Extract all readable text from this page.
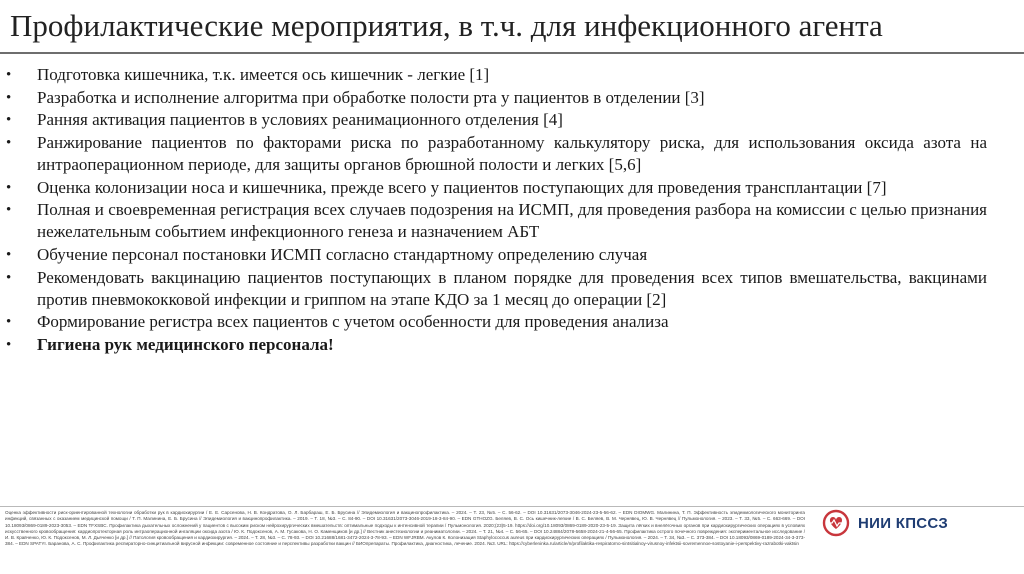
Профилактические мероприятия, в т.ч. для инфекционного агента
•	Подготовка кишечника, т.к. имеется ось кишечник - легкие [1]
•	Разработка и исполнение алгоритма при обработке полости рта у пациентов в отделении [3]
•	Ранняя активация пациентов в условиях реанимационного отделения [4]
•	Ранжирование пациентов по факторами риска по разработанному калькулятору риска, для использования оксида азота на интраоперационном периоде, для защиты органов брюшной полости и легких [5,6]
•	Оценка колонизации носа и кишечника, прежде всего у пациентов поступающих для проведения трансплантации [7]
•	Полная и своевременная регистрация всех случаев подозрения на ИСМП, для проведения разбора на комиссии с целью признания нежелательным событием инфекционного генеза и назначением АБТ
•	Обучение персонал постановки ИСМП согласно стандартному определению случая
•	Рекомендовать вакцинацию пациентов поступающих в планом порядке для проведения всех типов вмешательства, вакцинами против пневмококковой инфекции и гриппом на этапе КДО за 1 месяц до операции [2]
•	Формирование регистра всех пациентов с учетом особенности для проведения анализа
•	Гигиена рук медицинского персонала!
Оценка эффективности риск-ориентированной технологии обработки рук в кардиохирургии / Е. Е. Сарсенова, Н. В. Кондратова, О. Л. Барбараш, Е. Б. Брусина // Эпидемиология и вакцинопрофилактика. – 2024. – Т. 23, №5. – С. 56-62. – DOI 10.31631/2073-3046-2024-23-5-56-62. – EDN DIOMWG. Малинина, Т. П. Эффективность эпидемиологического мониторинга инфекций, связанных с оказанием медицинской помощи / Т. П. Малинина, Е. Б. Брусина // Эпидемиология и вакцинопрофилактика. – 2019. – Т. 18, №3. – С. 84-90. – DOI 10.31631/2073-3046-2019-18-3-84-90. – EDN GTHOZG. Беляев, В. С. Ось кишечник-легкие / В. С. Беляев, В. М. Чернявец, Ю. В. Чернявец // Пульмонология. – 2023. – Т. 33, №5. – С. 663-669. – DOI 10.18093/0869-0189-2023-3053. – EDN TFXSBC. Профилактика дыхательных осложнений у пациентов с высоким риском нейрохирургических вмешательств: оптимальные подходы к интенсивной терапии / Пульмонология. 2020;(23)5-19. https://doi.org/10.18093/0869-0189-2020-23-5-19. Защита лёгких и внелёгочных органов при кардиохирургических операциях в условиях искусственного кровообращения: кардиопротекторная роль интраоперационной ингаляции оксида азота / Ю. К. Подоксенов, А. М. Гусакова, Н. О. Каменщиков [и др.] // Вестник анестезиологии и реаниматологии. – 2024. – Т. 21, №4. – С. 56-65. – DOI 10.24884/2078-5658-2024-21-4-56-65. Профилактика острого почечного повреждения: экспериментальное исследование / И. В. Кравченко, Ю. К. Подоксенов, М. Л. Дьяченко [и др.] // Патология кровообращения и кардиохирургия. – 2024. – Т. 28, №3. – С. 78-93. – DOI 10.21688/1681-3472-2024-3-78-93. – EDN WFJRBM. Акулов К. Колонизация Staphylococcus aureus при кардиохирургических операциях / Пульмонология. – 2024. – Т. 34, №3. – С. 373-384. – DOI 10.18093/0869-0189-2024-34-3-373-384. – EDN SPATYI. Баранова, А. С. Профилактика респираторно-синцитиальной вирусной инфекции: современное состояние и перспективы разработки вакцин // БИОпрепараты. Профилактика, диагностика, лечение. 2024. №3. URL: https://cyberleninka.ru/article/n/profilaktika-respiratorno-sintsitialnoy-virusnoy-infektsii-sovremennoe-sostoyanie-i-perspektivy-razrabotki-vaktsin
НИИ КПССЗ
